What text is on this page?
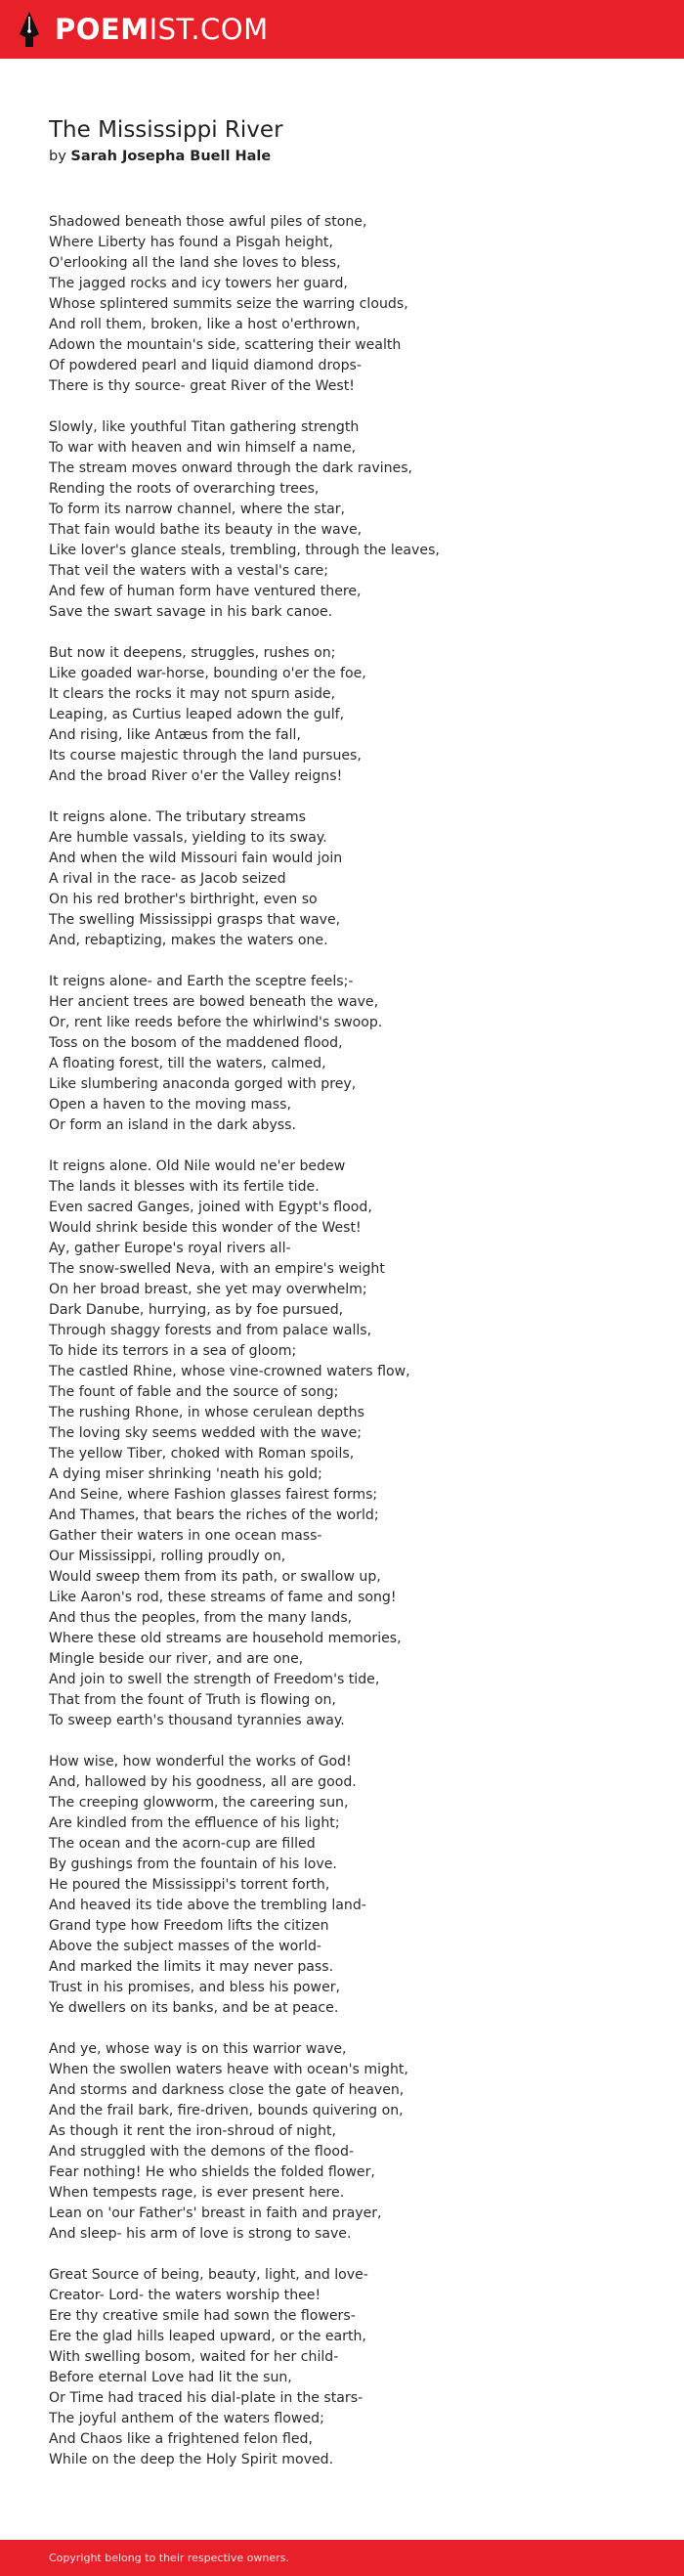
POEMIST.COM
The Mississippi River
by Sarah Josepha Buell Hale
Shadowed beneath those awful piles of stone,
Where Liberty has found a Pisgah height,
O'erlooking all the land she loves to bless,
The jagged rocks and icy towers her guard,
Whose splintered summits seize the warring clouds,
And roll them, broken, like a host o'erthrown,
Adown the mountain's side, scattering their wealth
Of powdered pearl and liquid diamond drops-
There is thy source- great River of the West!
Slowly, like youthful Titan gathering strength
To war with heaven and win himself a name,
The stream moves onward through the dark ravines,
Rending the roots of overarching trees,
To form its narrow channel, where the star,
That fain would bathe its beauty in the wave,
Like lover's glance steals, trembling, through the leaves,
That veil the waters with a vestal's care;
And few of human form have ventured there,
Save the swart savage in his bark canoe.
But now it deepens, struggles, rushes on;
Like goaded war-horse, bounding o'er the foe,
It clears the rocks it may not spurn aside,
Leaping, as Curtius leaped adown the gulf,
And rising, like Antæus from the fall,
Its course majestic through the land pursues,
And the broad River o'er the Valley reigns!
It reigns alone. The tributary streams
Are humble vassals, yielding to its sway.
And when the wild Missouri fain would join
A rival in the race- as Jacob seized
On his red brother's birthright, even so
The swelling Mississippi grasps that wave,
And, rebaptizing, makes the waters one.
It reigns alone- and Earth the sceptre feels;-
Her ancient trees are bowed beneath the wave,
Or, rent like reeds before the whirlwind's swoop.
Toss on the bosom of the maddened flood,
A floating forest, till the waters, calmed,
Like slumbering anaconda gorged with prey,
Open a haven to the moving mass,
Or form an island in the dark abyss.
It reigns alone. Old Nile would ne'er bedew
The lands it blesses with its fertile tide.
Even sacred Ganges, joined with Egypt's flood,
Would shrink beside this wonder of the West!
Ay, gather Europe's royal rivers all-
The snow-swelled Neva, with an empire's weight
On her broad breast, she yet may overwhelm;
Dark Danube, hurrying, as by foe pursued,
Through shaggy forests and from palace walls,
To hide its terrors in a sea of gloom;
The castled Rhine, whose vine-crowned waters flow,
The fount of fable and the source of song;
The rushing Rhone, in whose cerulean depths
The loving sky seems wedded with the wave;
The yellow Tiber, choked with Roman spoils,
A dying miser shrinking 'neath his gold;
And Seine, where Fashion glasses fairest forms;
And Thames, that bears the riches of the world;
Gather their waters in one ocean mass-
Our Mississippi, rolling proudly on,
Would sweep them from its path, or swallow up,
Like Aaron's rod, these streams of fame and song!
And thus the peoples, from the many lands,
Where these old streams are household memories,
Mingle beside our river, and are one,
And join to swell the strength of Freedom's tide,
That from the fount of Truth is flowing on,
To sweep earth's thousand tyrannies away.
How wise, how wonderful the works of God!
And, hallowed by his goodness, all are good.
The creeping glowworm, the careering sun,
Are kindled from the effluence of his light;
The ocean and the acorn-cup are filled
By gushings from the fountain of his love.
He poured the Mississippi's torrent forth,
And heaved its tide above the trembling land-
Grand type how Freedom lifts the citizen
Above the subject masses of the world-
And marked the limits it may never pass.
Trust in his promises, and bless his power,
Ye dwellers on its banks, and be at peace.
And ye, whose way is on this warrior wave,
When the swollen waters heave with ocean's might,
And storms and darkness close the gate of heaven,
And the frail bark, fire-driven, bounds quivering on,
As though it rent the iron-shroud of night,
And struggled with the demons of the flood-
Fear nothing! He who shields the folded flower,
When tempests rage, is ever present here.
Lean on 'our Father's' breast in faith and prayer,
And sleep- his arm of love is strong to save.
Great Source of being, beauty, light, and love-
Creator- Lord- the waters worship thee!
Ere thy creative smile had sown the flowers-
Ere the glad hills leaped upward, or the earth,
With swelling bosom, waited for her child-
Before eternal Love had lit the sun,
Or Time had traced his dial-plate in the stars-
The joyful anthem of the waters flowed;
And Chaos like a frightened felon fled,
While on the deep the Holy Spirit moved.
Copyright belong to their respective owners.
